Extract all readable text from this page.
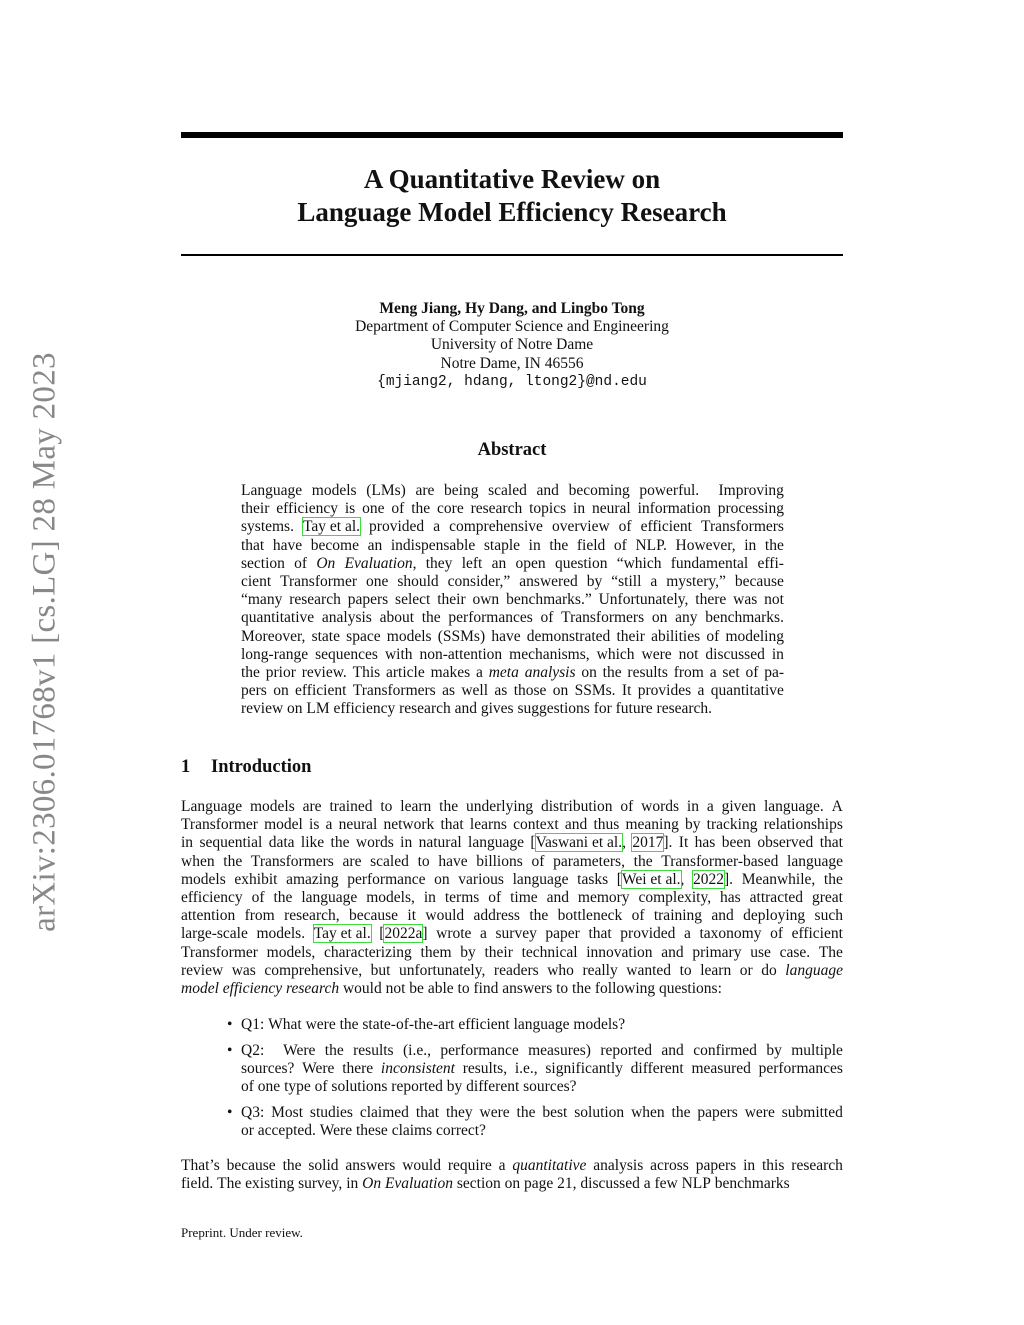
arXiv:2306.01768v1 [cs.LG] 28 May 2023
A Quantitative Review on
Language Model Efficiency Research
Meng Jiang, Hy Dang, and Lingbo Tong
Department of Computer Science and Engineering
University of Notre Dame
Notre Dame, IN 46556
{mjiang2, hdang, ltong2}@nd.edu
Abstract
Language models (LMs) are being scaled and becoming powerful. Improving
their efficiency is one of the core research topics in neural information processing
systems. Tay et al. provided a comprehensive overview of efficient Transformers
that have become an indispensable staple in the field of NLP. However, in the
section of On Evaluation, they left an open question “which fundamental effi-
cient Transformer one should consider,” answered by “still a mystery,” because
“many research papers select their own benchmarks.” Unfortunately, there was not
quantitative analysis about the performances of Transformers on any benchmarks.
Moreover, state space models (SSMs) have demonstrated their abilities of modeling
long-range sequences with non-attention mechanisms, which were not discussed in
the prior review. This article makes a meta analysis on the results from a set of pa-
pers on efficient Transformers as well as those on SSMs. It provides a quantitative
review on LM efficiency research and gives suggestions for future research.
1 Introduction
Language models are trained to learn the underlying distribution of words in a given language. A
Transformer model is a neural network that learns context and thus meaning by tracking relationships
in sequential data like the words in natural language [Vaswani et al., 2017]. It has been observed that
when the Transformers are scaled to have billions of parameters, the Transformer-based language
models exhibit amazing performance on various language tasks [Wei et al., 2022]. Meanwhile, the
efficiency of the language models, in terms of time and memory complexity, has attracted great
attention from research, because it would address the bottleneck of training and deploying such
large-scale models. Tay et al. [2022a] wrote a survey paper that provided a taxonomy of efficient
Transformer models, characterizing them by their technical innovation and primary use case. The
review was comprehensive, but unfortunately, readers who really wanted to learn or do language
model efficiency research would not be able to find answers to the following questions:
• Q1: What were the state-of-the-art efficient language models?
• Q2: Were the results (i.e., performance measures) reported and confirmed by multiple
sources? Were there inconsistent results, i.e., significantly different measured performances
of one type of solutions reported by different sources?
• Q3: Most studies claimed that they were the best solution when the papers were submitted
or accepted. Were these claims correct?
That’s because the solid answers would require a quantitative analysis across papers in this research
field. The existing survey, in On Evaluation section on page 21, discussed a few NLP benchmarks
Preprint. Under review.
